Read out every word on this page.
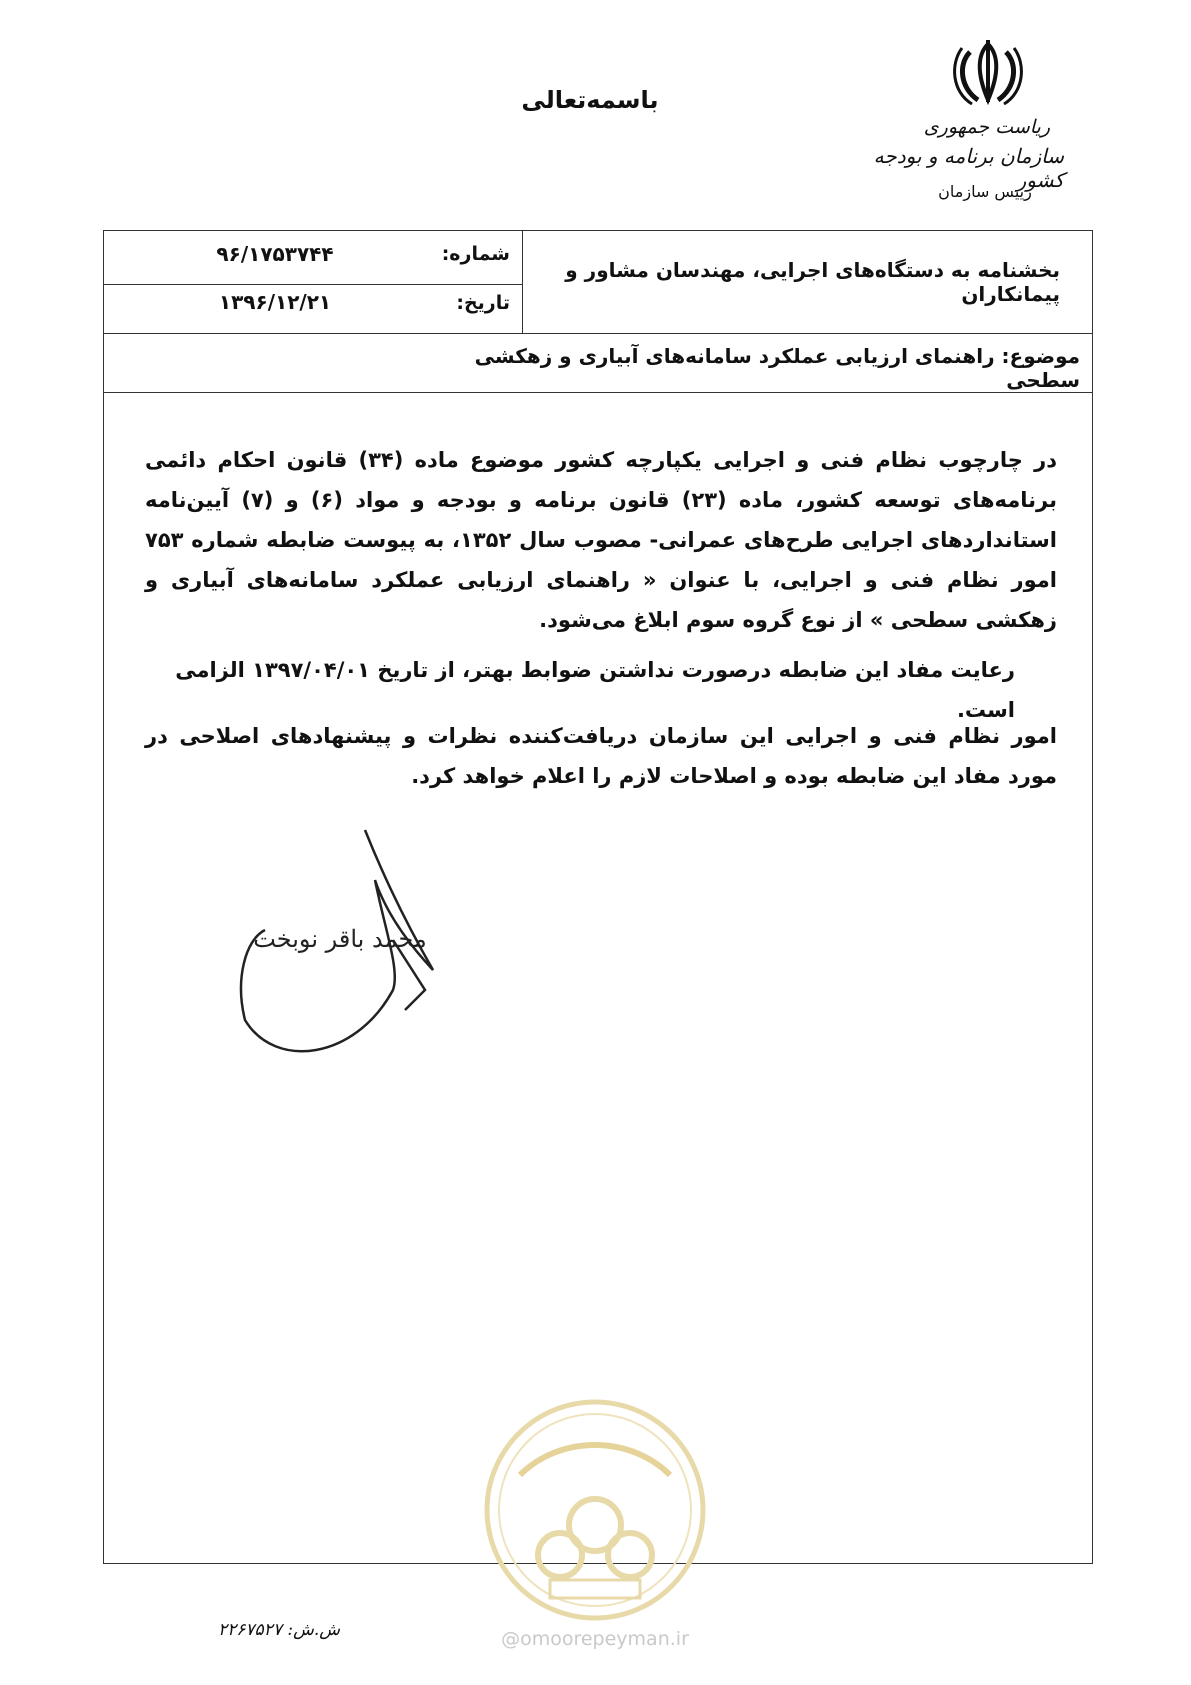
باسمه‌تعالی
ریاست جمهوری
سازمان برنامه و بودجه کشور
رییس سازمان
شماره:
۹۶/۱۷۵۳۷۴۴
تاریخ:
۱۳۹۶/۱۲/۲۱
بخشنامه به دستگاه‌های اجرایی، مهندسان مشاور و پیمانکاران
موضوع: راهنمای ارزیابی عملکرد سامانه‌های آبیاری و زهکشی سطحی
در چارچوب نظام فنی و اجرایی یکپارچه کشور موضوع ماده (۳۴) قانون احکام دائمی برنامه‌های توسعه کشور، ماده (۲۳) قانون برنامه و بودجه و مواد (۶) و (۷) آیین‌نامه استانداردهای اجرایی طرح‌های عمرانی- مصوب سال ۱۳۵۲، به پیوست ضابطه شماره ۷۵۳ امور نظام فنی و اجرایی، با عنوان « راهنمای ارزیابی عملکرد سامانه‌های آبیاری و زهکشی سطحی » از نوع گروه سوم ابلاغ می‌شود.
رعایت مفاد این ضابطه درصورت نداشتن ضوابط بهتر، از تاریخ ۱۳۹۷/۰۴/۰۱ الزامی است.
امور نظام فنی و اجرایی این سازمان دریافت‌کننده نظرات و پیشنهادهای اصلاحی در مورد مفاد این ضابطه بوده و اصلاحات لازم را اعلام خواهد کرد.
محمد باقر نوبخت
@omoorepeyman.ir
ش.ش: ۲۲۶۷۵۲۷
